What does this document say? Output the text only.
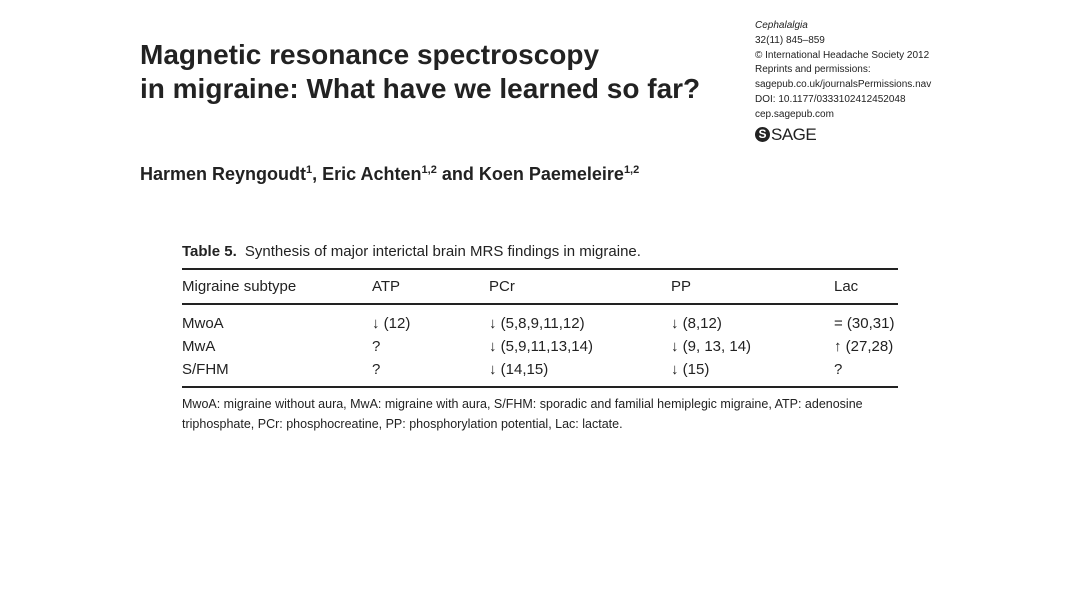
Magnetic resonance spectroscopy
in migraine: What have we learned so far?
Cephalalgia
32(11) 845–859
© International Headache Society 2012
Reprints and permissions:
sagepub.co.uk/journalsPermissions.nav
DOI: 10.1177/0333102412452048
cep.sagepub.com
S SAGE
Harmen Reyngoudt$^1$, Eric Achten$^{1,2}$ and Koen Paemeleire$^{1,2}$
Table 5. Synthesis of major interictal brain MRS findings in migraine.
Migraine subtype	ATP	PCr	PP	Lac
MwoA	↓ (12)	↓ (5,8,9,11,12)	↓ (8,12)	= (30,31)
MwA	?	↓ (5,9,11,13,14)	↓ (9, 13, 14)	↑ (27,28)
S/FHM	?	↓ (14,15)	↓ (15)	?
MwoA: migraine without aura, MwA: migraine with aura, S/FHM: sporadic and familial hemiplegic migraine, ATP: adenosine triphosphate, PCr: phosphocreatine, PP: phosphorylation potential, Lac: lactate.
